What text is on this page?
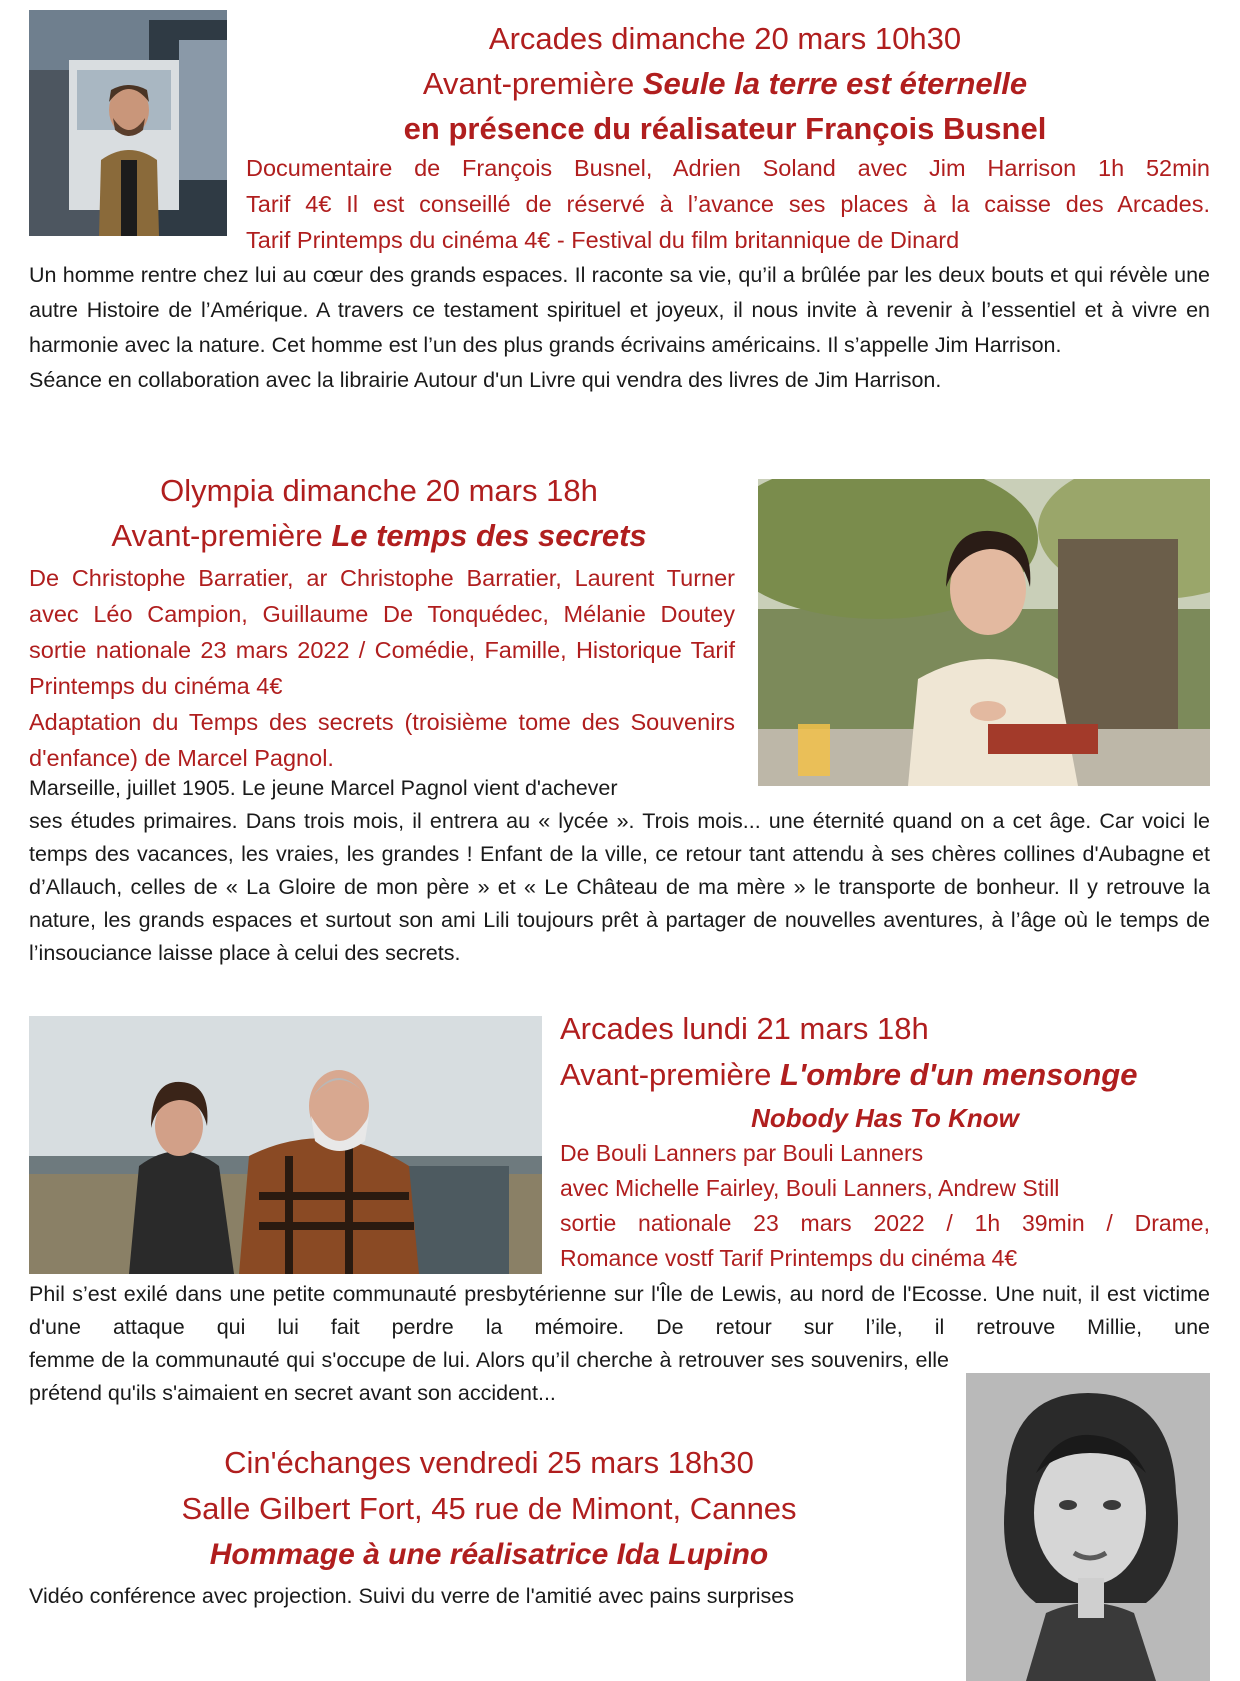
Arcades dimanche 20 mars 10h30
Avant-première Seule la terre est éternelle
en présence du réalisateur François Busnel

Documentaire de François Busnel, Adrien Soland avec Jim Harrison 1h 52min

Tarif 4€ Il est conseillé de réservé à l’avance ses places à la caisse des Arcades.

Tarif Printemps du cinéma 4€ - Festival du film britannique de Dinard

Un homme rentre chez lui au cœur des grands espaces. Il raconte sa vie, qu’il a brûlée par les deux bouts et qui révèle une autre Histoire de l’Amérique. A travers ce testament spirituel et joyeux, il nous invite à revenir à l’essentiel et à vivre en harmonie avec la nature. Cet homme est l’un des plus grands écrivains américains. Il s’appelle Jim Harrison.

Séance en collaboration avec la librairie Autour d'un Livre qui vendra des livres de Jim Harrison.

Olympia dimanche 20 mars 18h
Avant-première Le temps des secrets

De Christophe Barratier, ar Christophe Barratier, Laurent Turner avec Léo Campion, Guillaume De Tonquédec, Mélanie Doutey sortie nationale 23 mars 2022 / Comédie, Famille, Historique Tarif Printemps du cinéma 4€

Adaptation du Temps des secrets (troisième tome des Souvenirs d'enfance) de Marcel Pagnol.

Marseille, juillet 1905. Le jeune Marcel Pagnol vient d'achever
ses études primaires. Dans trois mois, il entrera au « lycée ». Trois mois... une éternité quand on a cet âge. Car voici le temps des vacances, les vraies, les grandes ! Enfant de la ville, ce retour tant attendu à ses chères collines d'Aubagne et d’Allauch, celles de « La Gloire de mon père » et « Le Château de ma mère » le transporte de bonheur. Il y retrouve la nature, les grands espaces et surtout son ami Lili toujours prêt à partager de nouvelles aventures, à l’âge où le temps de l’insouciance laisse place à celui des secrets.
Arcades lundi 21 mars 18h
Avant-première L'ombre d'un mensonge
Nobody Has To Know

De Bouli Lanners par Bouli Lanners

avec Michelle Fairley, Bouli Lanners, Andrew Still

sortie nationale 23 mars 2022 / 1h 39min / Drame,

Romance vostf Tarif Printemps du cinéma 4€

Phil s’est exilé dans une petite communauté presbytérienne sur l'Île de Lewis, au nord de l'Ecosse. Une nuit, il est victime d'une attaque qui lui fait perdre la mémoire. De retour sur l’ile, il retrouve Millie, une
femme de la communauté qui s'occupe de lui. Alors qu’il cherche à retrouver ses souvenirs, elle prétend qu'ils s'aimaient en secret avant son accident...
Cin'échanges vendredi 25 mars 18h30
Salle Gilbert Fort, 45 rue de Mimont, Cannes
Hommage à une réalisatrice Ida Lupino
Vidéo conférence avec projection. Suivi du verre de l'amitié avec pains surprises
